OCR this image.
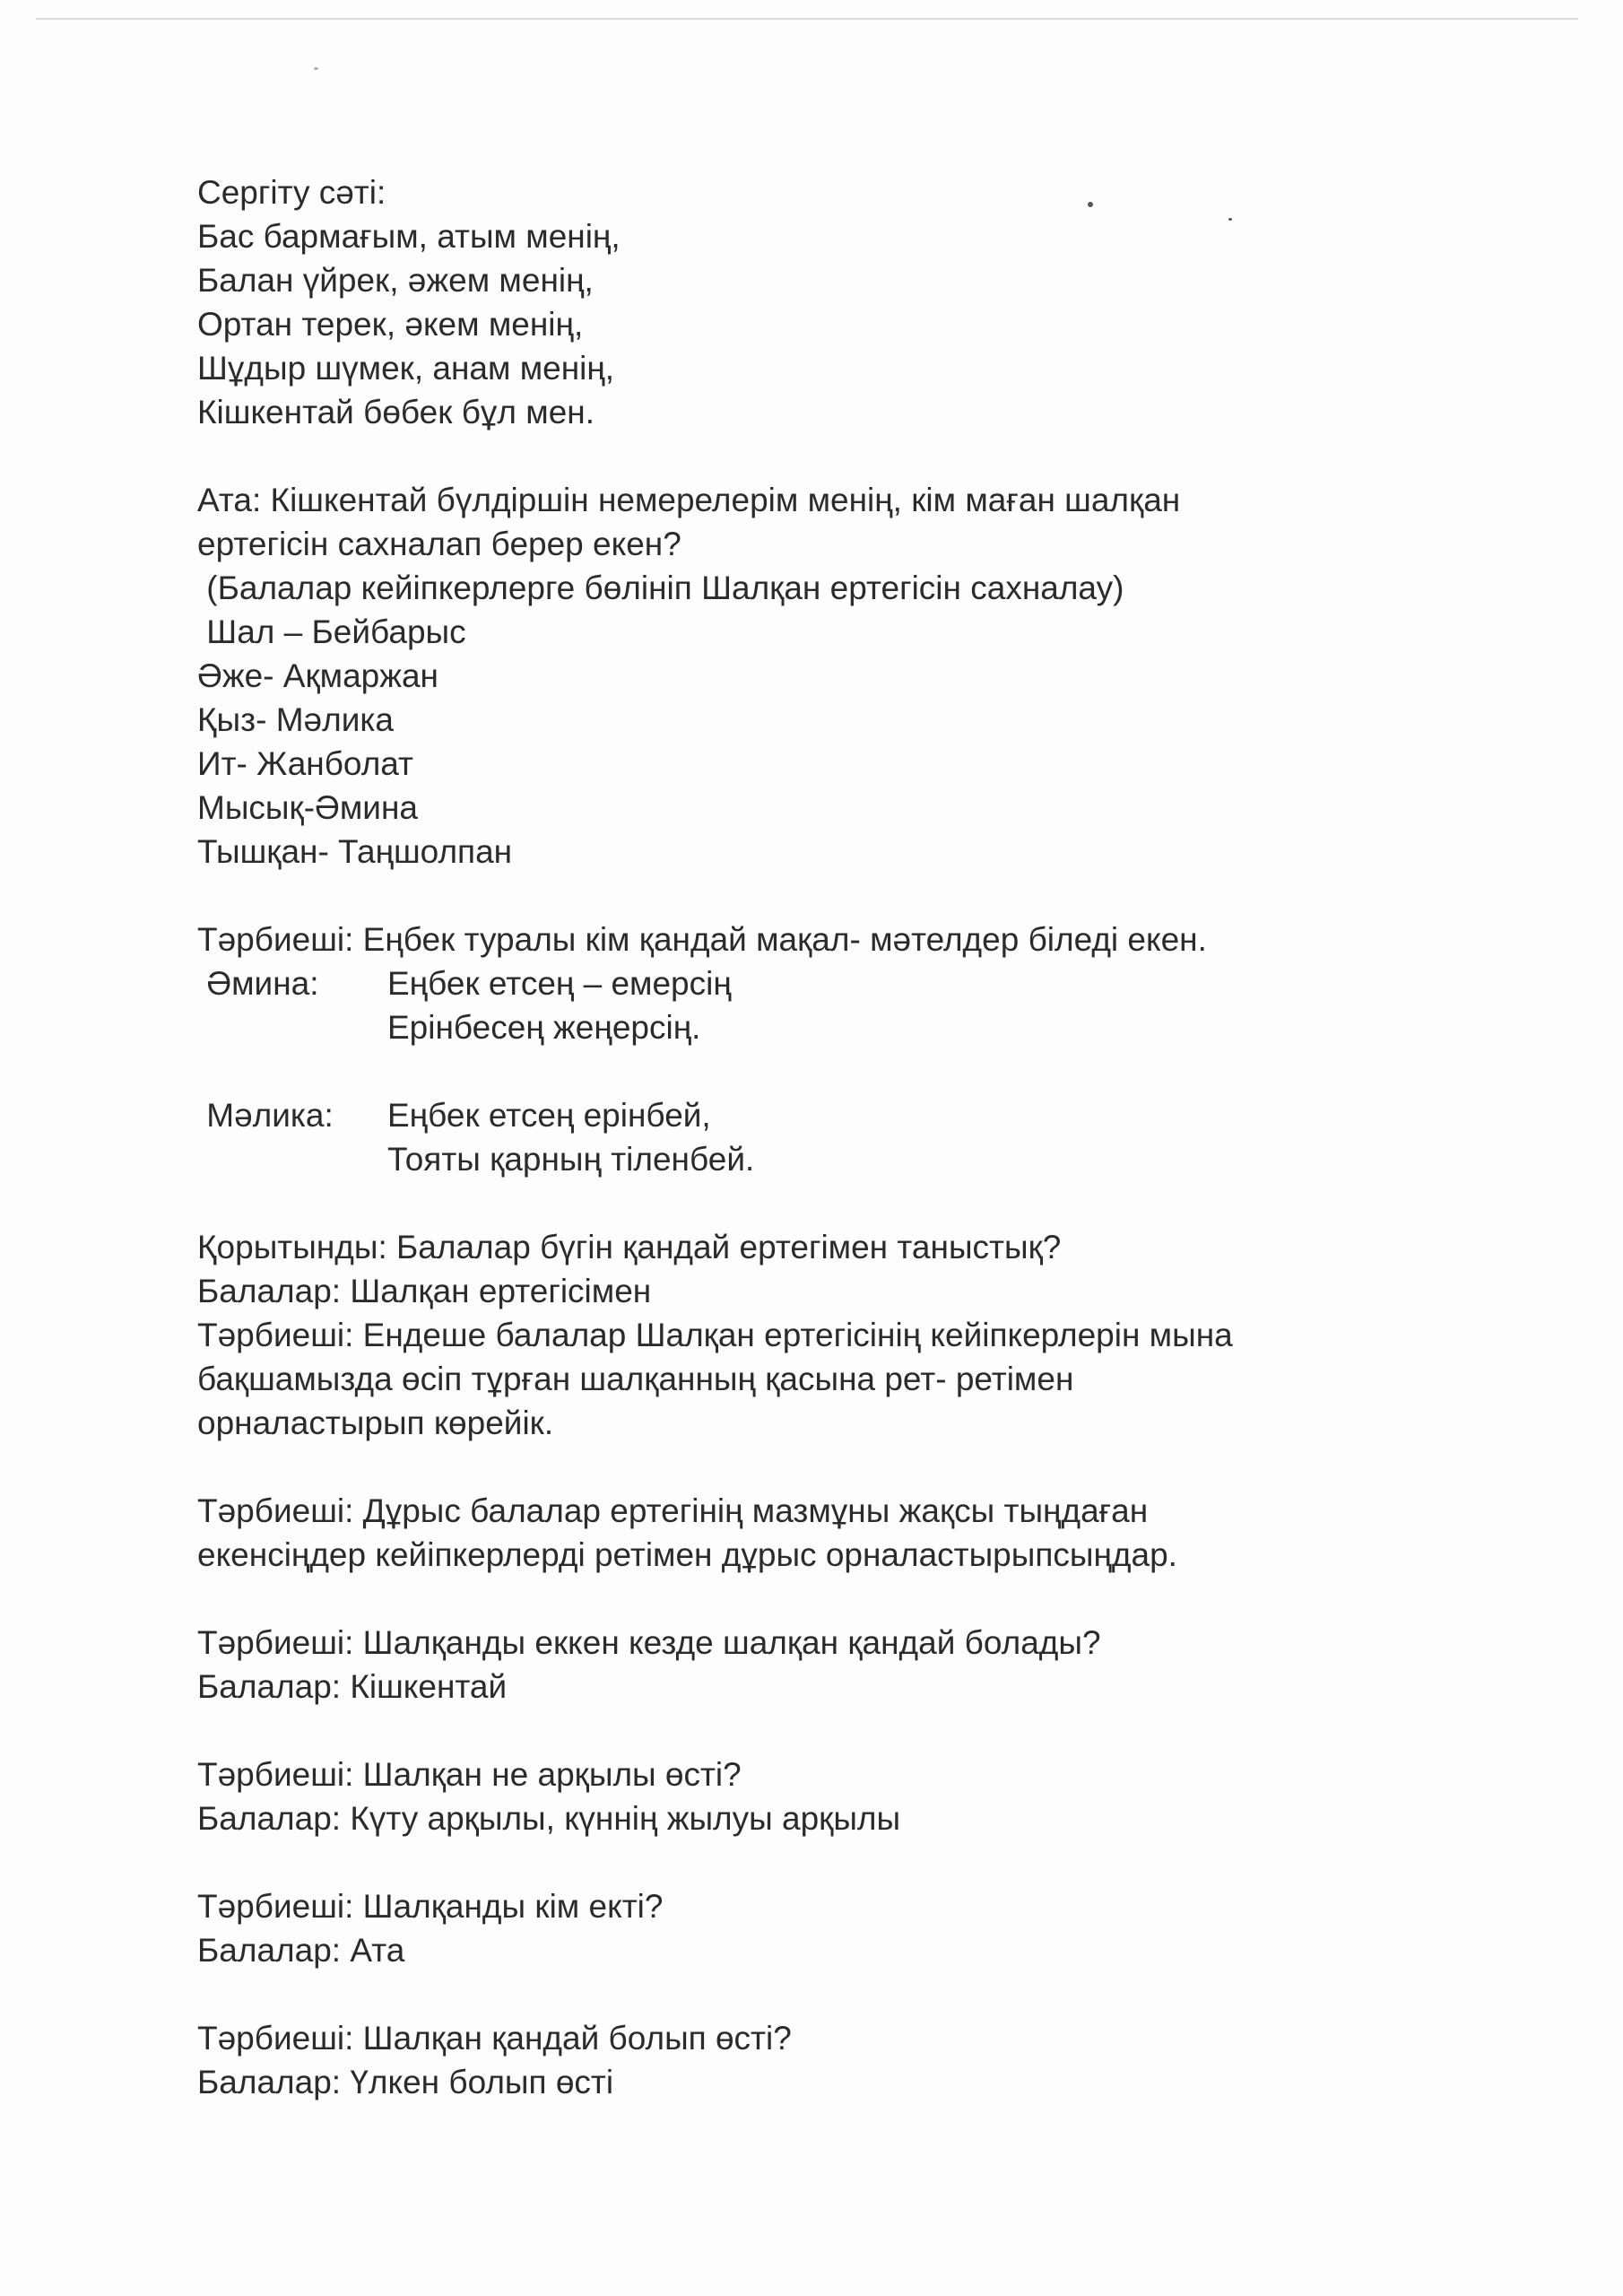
Сергіту сәті:
Бас бармағым, атым менің,
Балан үйрек, әжем менің,
Ортан терек, әкем менің,
Шұдыр шүмек, анам менің,
Кішкентай бөбек бұл мен.
Ата: Кішкентай бүлдіршін немерелерім менің, кім маған шалқан
ертегісін сахналап берер екен?
(Балалар кейіпкерлерге бөлініп Шалқан ертегісін сахналау)
Шал – Бейбарыс
Әже- Ақмаржан
Қыз- Мәлика
Ит- Жанболат
Мысық-Әмина
Тышқан- Таңшолпан
Тәрбиеші: Еңбек туралы кім қандай мақал- мәтелдер біледі екен.
Әмина:	Еңбек етсең – емерсің
Ерінбесең жеңерсің.
Мәлика:	Еңбек етсең ерінбей,
Тояты қарның тіленбей.
Қорытынды: Балалар бүгін қандай ертегімен таныстық?
Балалар: Шалқан ертегісімен
Тәрбиеші: Ендеше балалар Шалқан ертегісінің кейіпкерлерін мына
бақшамызда өсіп тұрған шалқанның қасына рет- ретімен
орналастырып көрейік.
Тәрбиеші: Дұрыс балалар ертегінің мазмұны жақсы тыңдаған
екенсіңдер кейіпкерлерді ретімен дұрыс орналастырыпсыңдар.
Тәрбиеші: Шалқанды еккен кезде шалқан қандай болады?
Балалар: Кішкентай
Тәрбиеші: Шалқан не арқылы өсті?
Балалар: Күту арқылы, күннің жылуы арқылы
Тәрбиеші: Шалқанды кім екті?
Балалар: Ата
Тәрбиеші: Шалқан қандай болып өсті?
Балалар: Үлкен болып өсті
